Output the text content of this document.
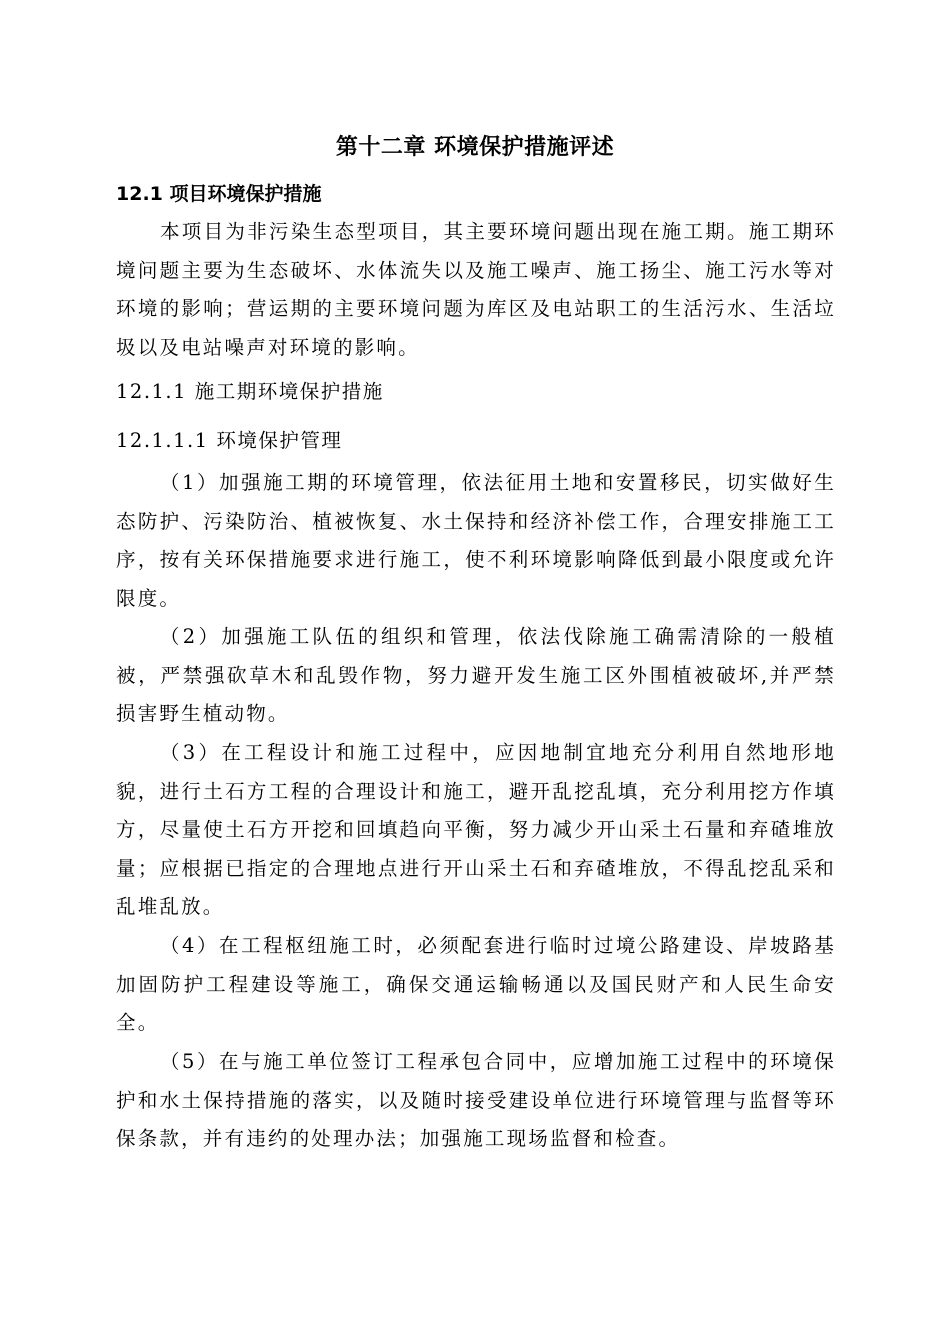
第十二章 环境保护措施评述
12.1 项目环境保护措施

本项目为非污染生态型项目，其主要环境问题出现在施工期。施工期环境问题主要为生态破坏、水体流失以及施工噪声、施工扬尘、施工污水等对环境的影响；营运期的主要环境问题为库区及电站职工的生活污水、生活垃圾以及电站噪声对环境的影响。

12.1.1 施工期环境保护措施
12.1.1.1 环境保护管理

（1）加强施工期的环境管理，依法征用土地和安置移民，切实做好生态防护、污染防治、植被恢复、水土保持和经济补偿工作，合理安排施工工序，按有关环保措施要求进行施工，使不利环境影响降低到最小限度或允许限度。

（2）加强施工队伍的组织和管理，依法伐除施工确需清除的一般植被，严禁强砍草木和乱毁作物，努力避开发生施工区外围植被破坏,并严禁损害野生植动物。

（3）在工程设计和施工过程中，应因地制宜地充分利用自然地形地貌，进行土石方工程的合理设计和施工，避开乱挖乱填，充分利用挖方作填方，尽量使土石方开挖和回填趋向平衡，努力减少开山采土石量和弃碴堆放量；应根据已指定的合理地点进行开山采土石和弃碴堆放，不得乱挖乱采和乱堆乱放。

（4）在工程枢纽施工时，必须配套进行临时过境公路建设、岸坡路基加固防护工程建设等施工，确保交通运输畅通以及国民财产和人民生命安全。

（5）在与施工单位签订工程承包合同中，应增加施工过程中的环境保护和水土保持措施的落实，以及随时接受建设单位进行环境管理与监督等环保条款，并有违约的处理办法；加强施工现场监督和检查。
